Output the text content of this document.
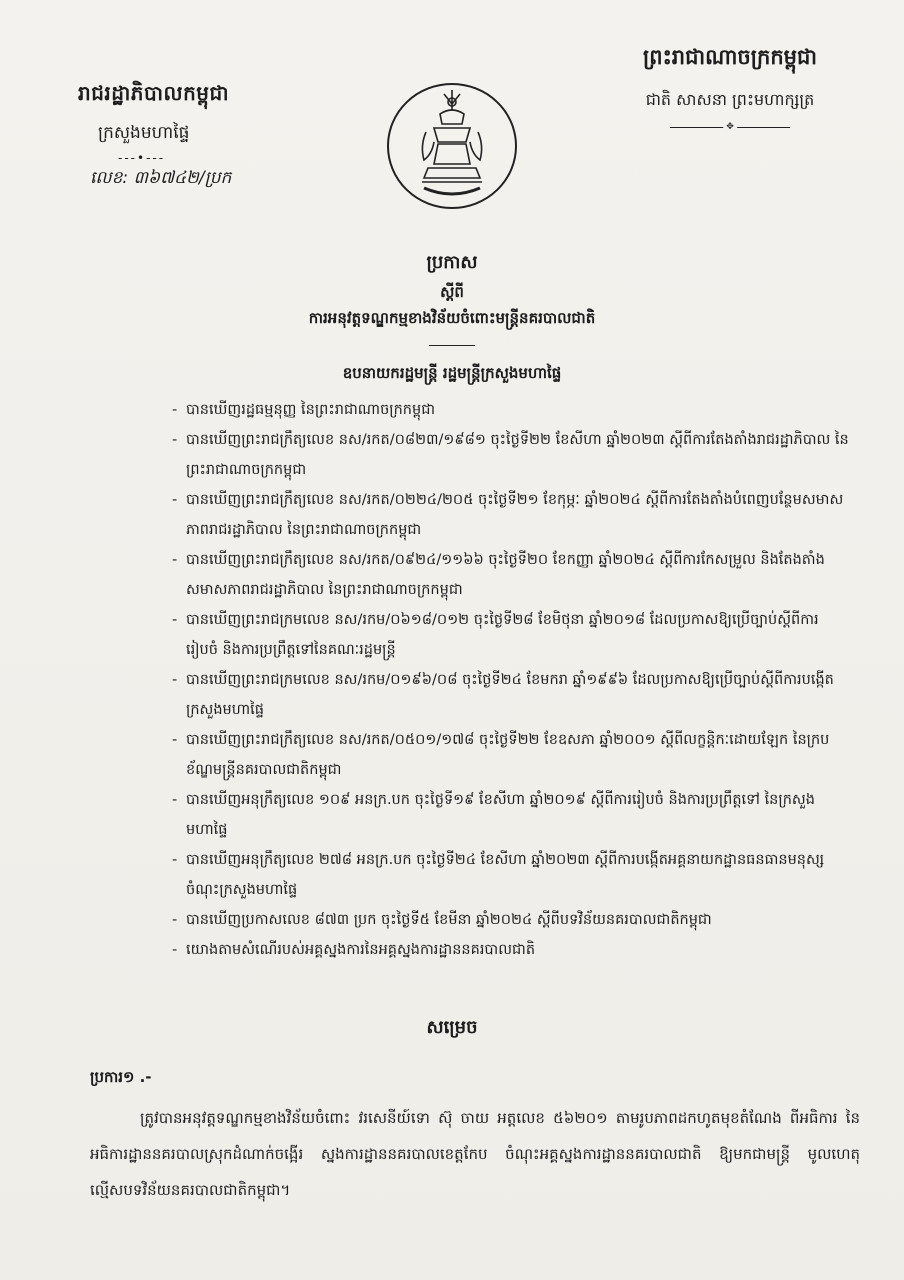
រាជរដ្ឋាភិបាលកម្ពុជា
ក្រសួងមហាផ្ទៃ
---•---
លេខ: ៣៦៧៤២/ប្រក
ព្រះរាជាណាចក្រកម្ពុជា
ជាតិ សាសនា ព្រះមហាក្សត្រ
✥
ប្រកាស
ស្តីពី
ការអនុវត្តទណ្ឌកម្មខាងវិន័យចំពោះមន្ត្រីនគរបាលជាតិ
ឧបនាយករដ្ឋមន្ត្រី រដ្ឋមន្ត្រីក្រសួងមហាផ្ទៃ
- បានឃើញរដ្ឋធម្មនុញ្ញ នៃព្រះរាជាណាចក្រកម្ពុជា
- បានឃើញព្រះរាជក្រឹត្យលេខ នស/រកត/០៨២៣/១៩៨១ ចុះថ្ងៃទី២២ ខែសីហា ឆ្នាំ២០២៣ ស្តីពីការតែងតាំងរាជរដ្ឋាភិបាល នៃព្រះរាជាណាចក្រកម្ពុជា
- បានឃើញព្រះរាជក្រឹត្យលេខ នស/រកត/០២២៤/២០៥ ចុះថ្ងៃទី២១ ខែកុម្ភៈ ឆ្នាំ២០២៤ ស្តីពីការតែងតាំងបំពេញបន្ថែមសមាសភាពរាជរដ្ឋាភិបាល នៃព្រះរាជាណាចក្រកម្ពុជា
- បានឃើញព្រះរាជក្រឹត្យលេខ នស/រកត/០៩២៤/១១៦៦ ចុះថ្ងៃទី២០ ខែកញ្ញា ឆ្នាំ២០២៤ ស្តីពីការកែសម្រួល និងតែងតាំងសមាសភាពរាជរដ្ឋាភិបាល នៃព្រះរាជាណាចក្រកម្ពុជា
- បានឃើញព្រះរាជក្រមលេខ នស/រកម/០៦១៨/០១២ ចុះថ្ងៃទី២៨ ខែមិថុនា ឆ្នាំ២០១៨ ដែលប្រកាសឱ្យប្រើច្បាប់ស្តីពីការរៀបចំ និងការប្រព្រឹត្តទៅនៃគណៈរដ្ឋមន្ត្រី
- បានឃើញព្រះរាជក្រមលេខ នស/រកម/០១៩៦/០៨ ចុះថ្ងៃទី២៤ ខែមករា ឆ្នាំ១៩៩៦ ដែលប្រកាសឱ្យប្រើច្បាប់ស្តីពីការបង្កើតក្រសួងមហាផ្ទៃ
- បានឃើញព្រះរាជក្រឹត្យលេខ នស/រកត/០៥០១/១៧៨ ចុះថ្ងៃទី២២ ខែឧសភា ឆ្នាំ២០០១ ស្តីពីលក្ខន្តិកៈដោយឡែក នៃក្របខ័ណ្ឌមន្ត្រីនគរបាលជាតិកម្ពុជា
- បានឃើញអនុក្រឹត្យលេខ ១០៩ អនក្រ.បក ចុះថ្ងៃទី១៩ ខែសីហា ឆ្នាំ២០១៩ ស្តីពីការរៀបចំ និងការប្រព្រឹត្តទៅ នៃក្រសួងមហាផ្ទៃ
- បានឃើញអនុក្រឹត្យលេខ ២៧៨ អនក្រ.បក ចុះថ្ងៃទី២៤ ខែសីហា ឆ្នាំ២០២៣ ស្តីពីការបង្កើតអគ្គនាយកដ្ឋានធនធានមនុស្ស ចំណុះក្រសួងមហាផ្ទៃ
- បានឃើញប្រកាសលេខ ៨៧៣ ប្រក ចុះថ្ងៃទី៥ ខែមីនា ឆ្នាំ២០២៤ ស្តីពីបទវិន័យនគរបាលជាតិកម្ពុជា
- យោងតាមសំណើរបស់អគ្គស្នងការនៃអគ្គស្នងការដ្ឋាននគរបាលជាតិ
សម្រេច
ប្រការ១ .-
ត្រូវបានអនុវត្តទណ្ឌកម្មខាងវិន័យចំពោះ វរសេនីយ៍ទោ ស៊ុ ចាយ អត្តលេខ ៥៦២០១ តាមរូបភាពដកហូតមុខតំណែង ពីអធិការ នៃអធិការដ្ឋាននគរបាលស្រុកដំណាក់ចង្អើរ ស្នងការដ្ឋាននគរបាលខេត្តកែប ចំណុះអគ្គស្នងការដ្ឋាននគរបាលជាតិ ឱ្យមកជាមន្ត្រី មូលហេតុ ល្មើសបទវិន័យនគរបាលជាតិកម្ពុជា។
